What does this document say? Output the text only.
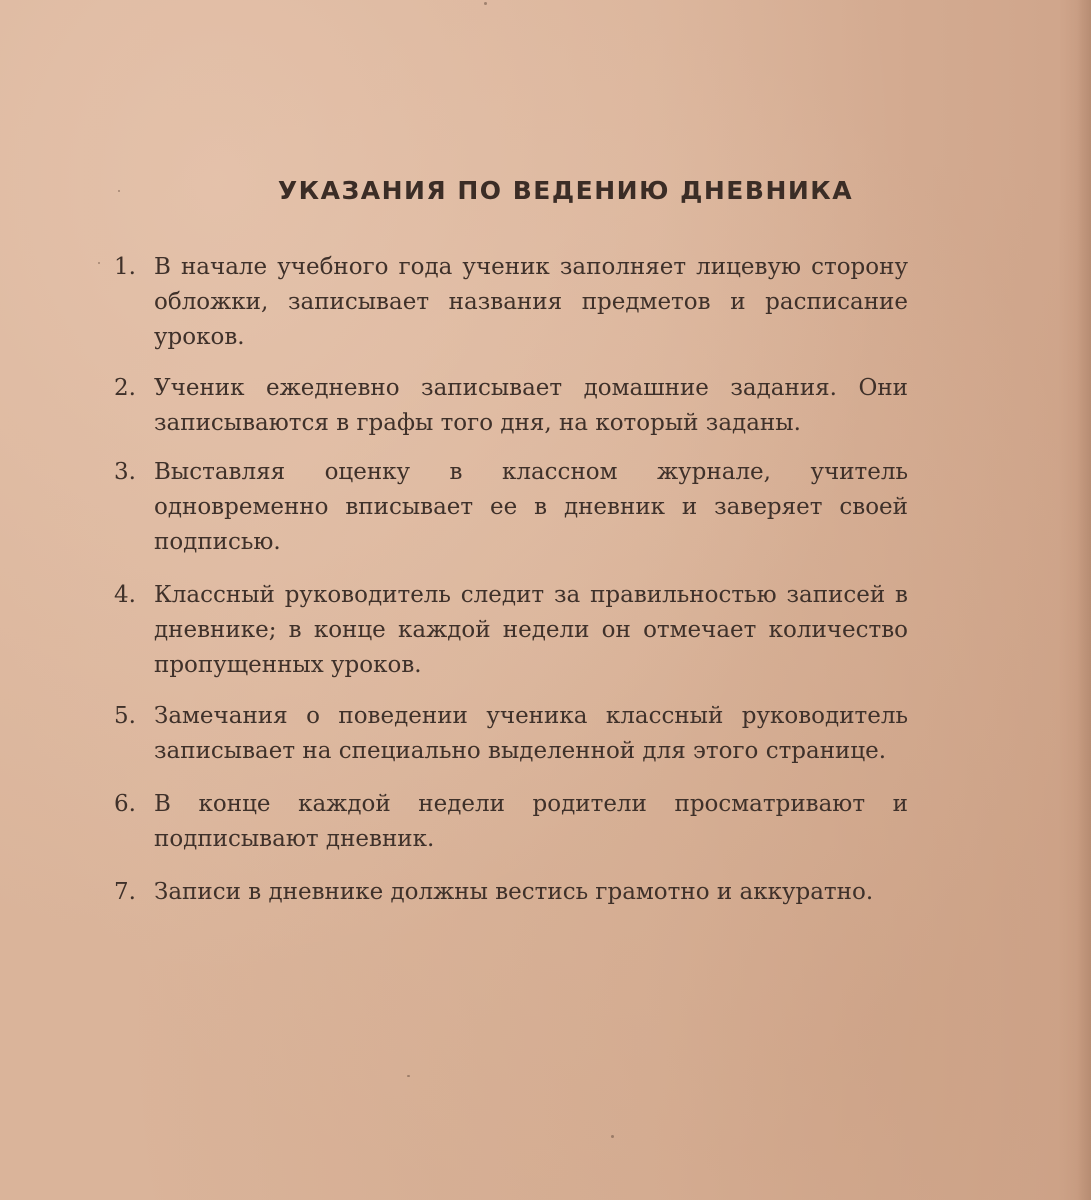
УКАЗАНИЯ ПО ВЕДЕНИЮ ДНЕВНИКА
1. В начале учебного года ученик заполняет лицевую сторону обложки, записывает названия предметов и расписание уроков.
2. Ученик ежедневно записывает домашние задания. Они записываются в графы того дня, на который заданы.
3. Выставляя оценку в классном журнале, учитель одновременно вписывает ее в дневник и заверяет своей подписью.
4. Классный руководитель следит за правильностью записей в дневнике; в конце каждой недели он отмечает количество пропущенных уроков.
5. Замечания о поведении ученика классный руководитель записывает на специально выделенной для этого странице.
6. В конце каждой недели родители просматривают и подписывают дневник.
7. Записи в дневнике должны вестись грамотно и аккуратно.
